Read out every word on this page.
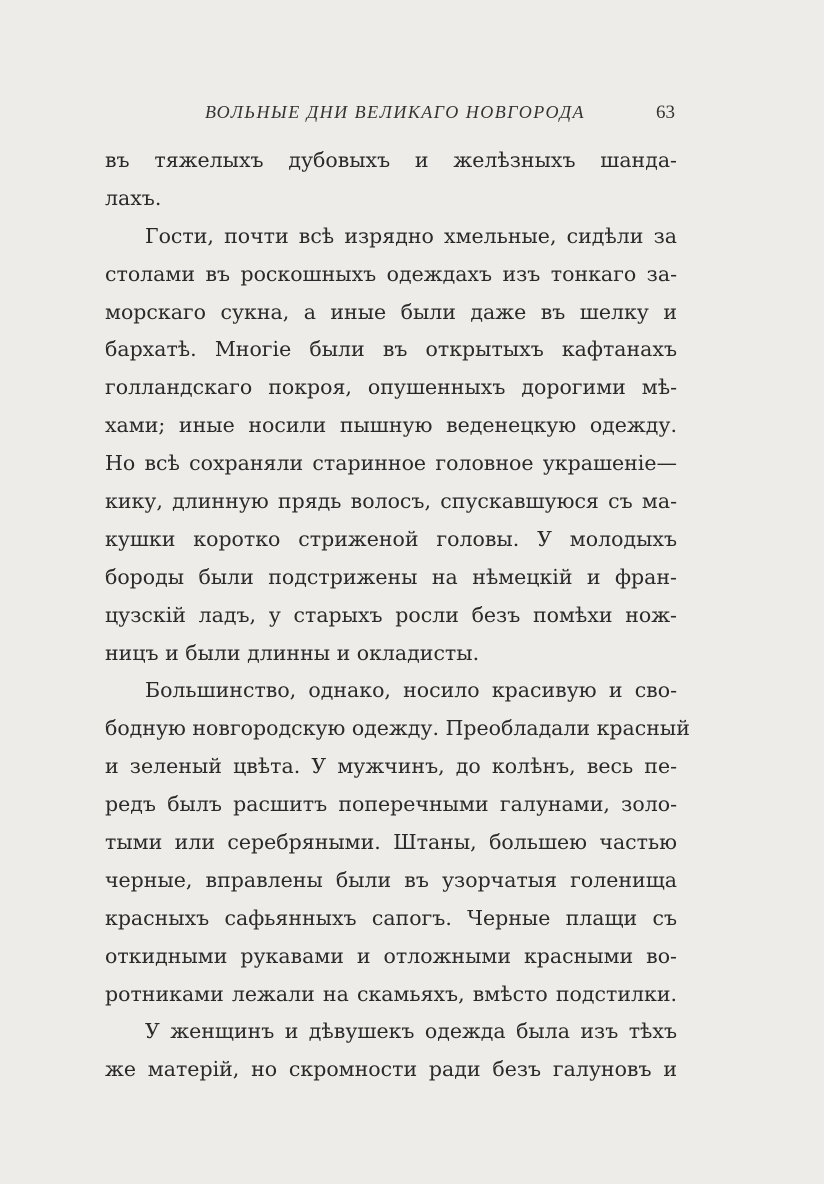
ВОЛЬНЫЕ ДНИ ВЕЛИКАГО НОВГОРОДА	63
въ тяжелыхъ дубовыхъ и желѣзныхъ шанда-
лахъ.
Гости, почти всѣ изрядно хмельные, сидѣли за
столами въ роскошныхъ одеждахъ изъ тонкаго за-
морскаго сукна, а иные были даже въ шелку и
бархатѣ. Многіе были въ открытыхъ кафтанахъ
голландскаго покроя, опушенныхъ дорогими мѣ-
хами; иные носили пышную веденецкую одежду.
Но всѣ сохраняли старинное головное украшеніе—
кику, длинную прядь волосъ, спускавшуюся съ ма-
кушки коротко стриженой головы. У молодыхъ
бороды были подстрижены на нѣмецкій и фран-
цузскій ладъ, у старыхъ росли безъ помѣхи нож-
ницъ и были длинны и окладисты.
Большинство, однако, носило красивую и сво-
бодную новгородскую одежду. Преобладали красный
и зеленый цвѣта. У мужчинъ, до колѣнъ, весь пе-
редъ былъ расшитъ поперечными галунами, золо-
тыми или серебряными. Штаны, большею частью
черные, вправлены были въ узорчатыя голенища
красныхъ сафьянныхъ сапогъ. Черные плащи съ
откидными рукавами и отложными красными во-
ротниками лежали на скамьяхъ, вмѣсто подстилки.
У женщинъ и дѣвушекъ одежда была изъ тѣхъ
же матерій, но скромности ради безъ галуновъ и
